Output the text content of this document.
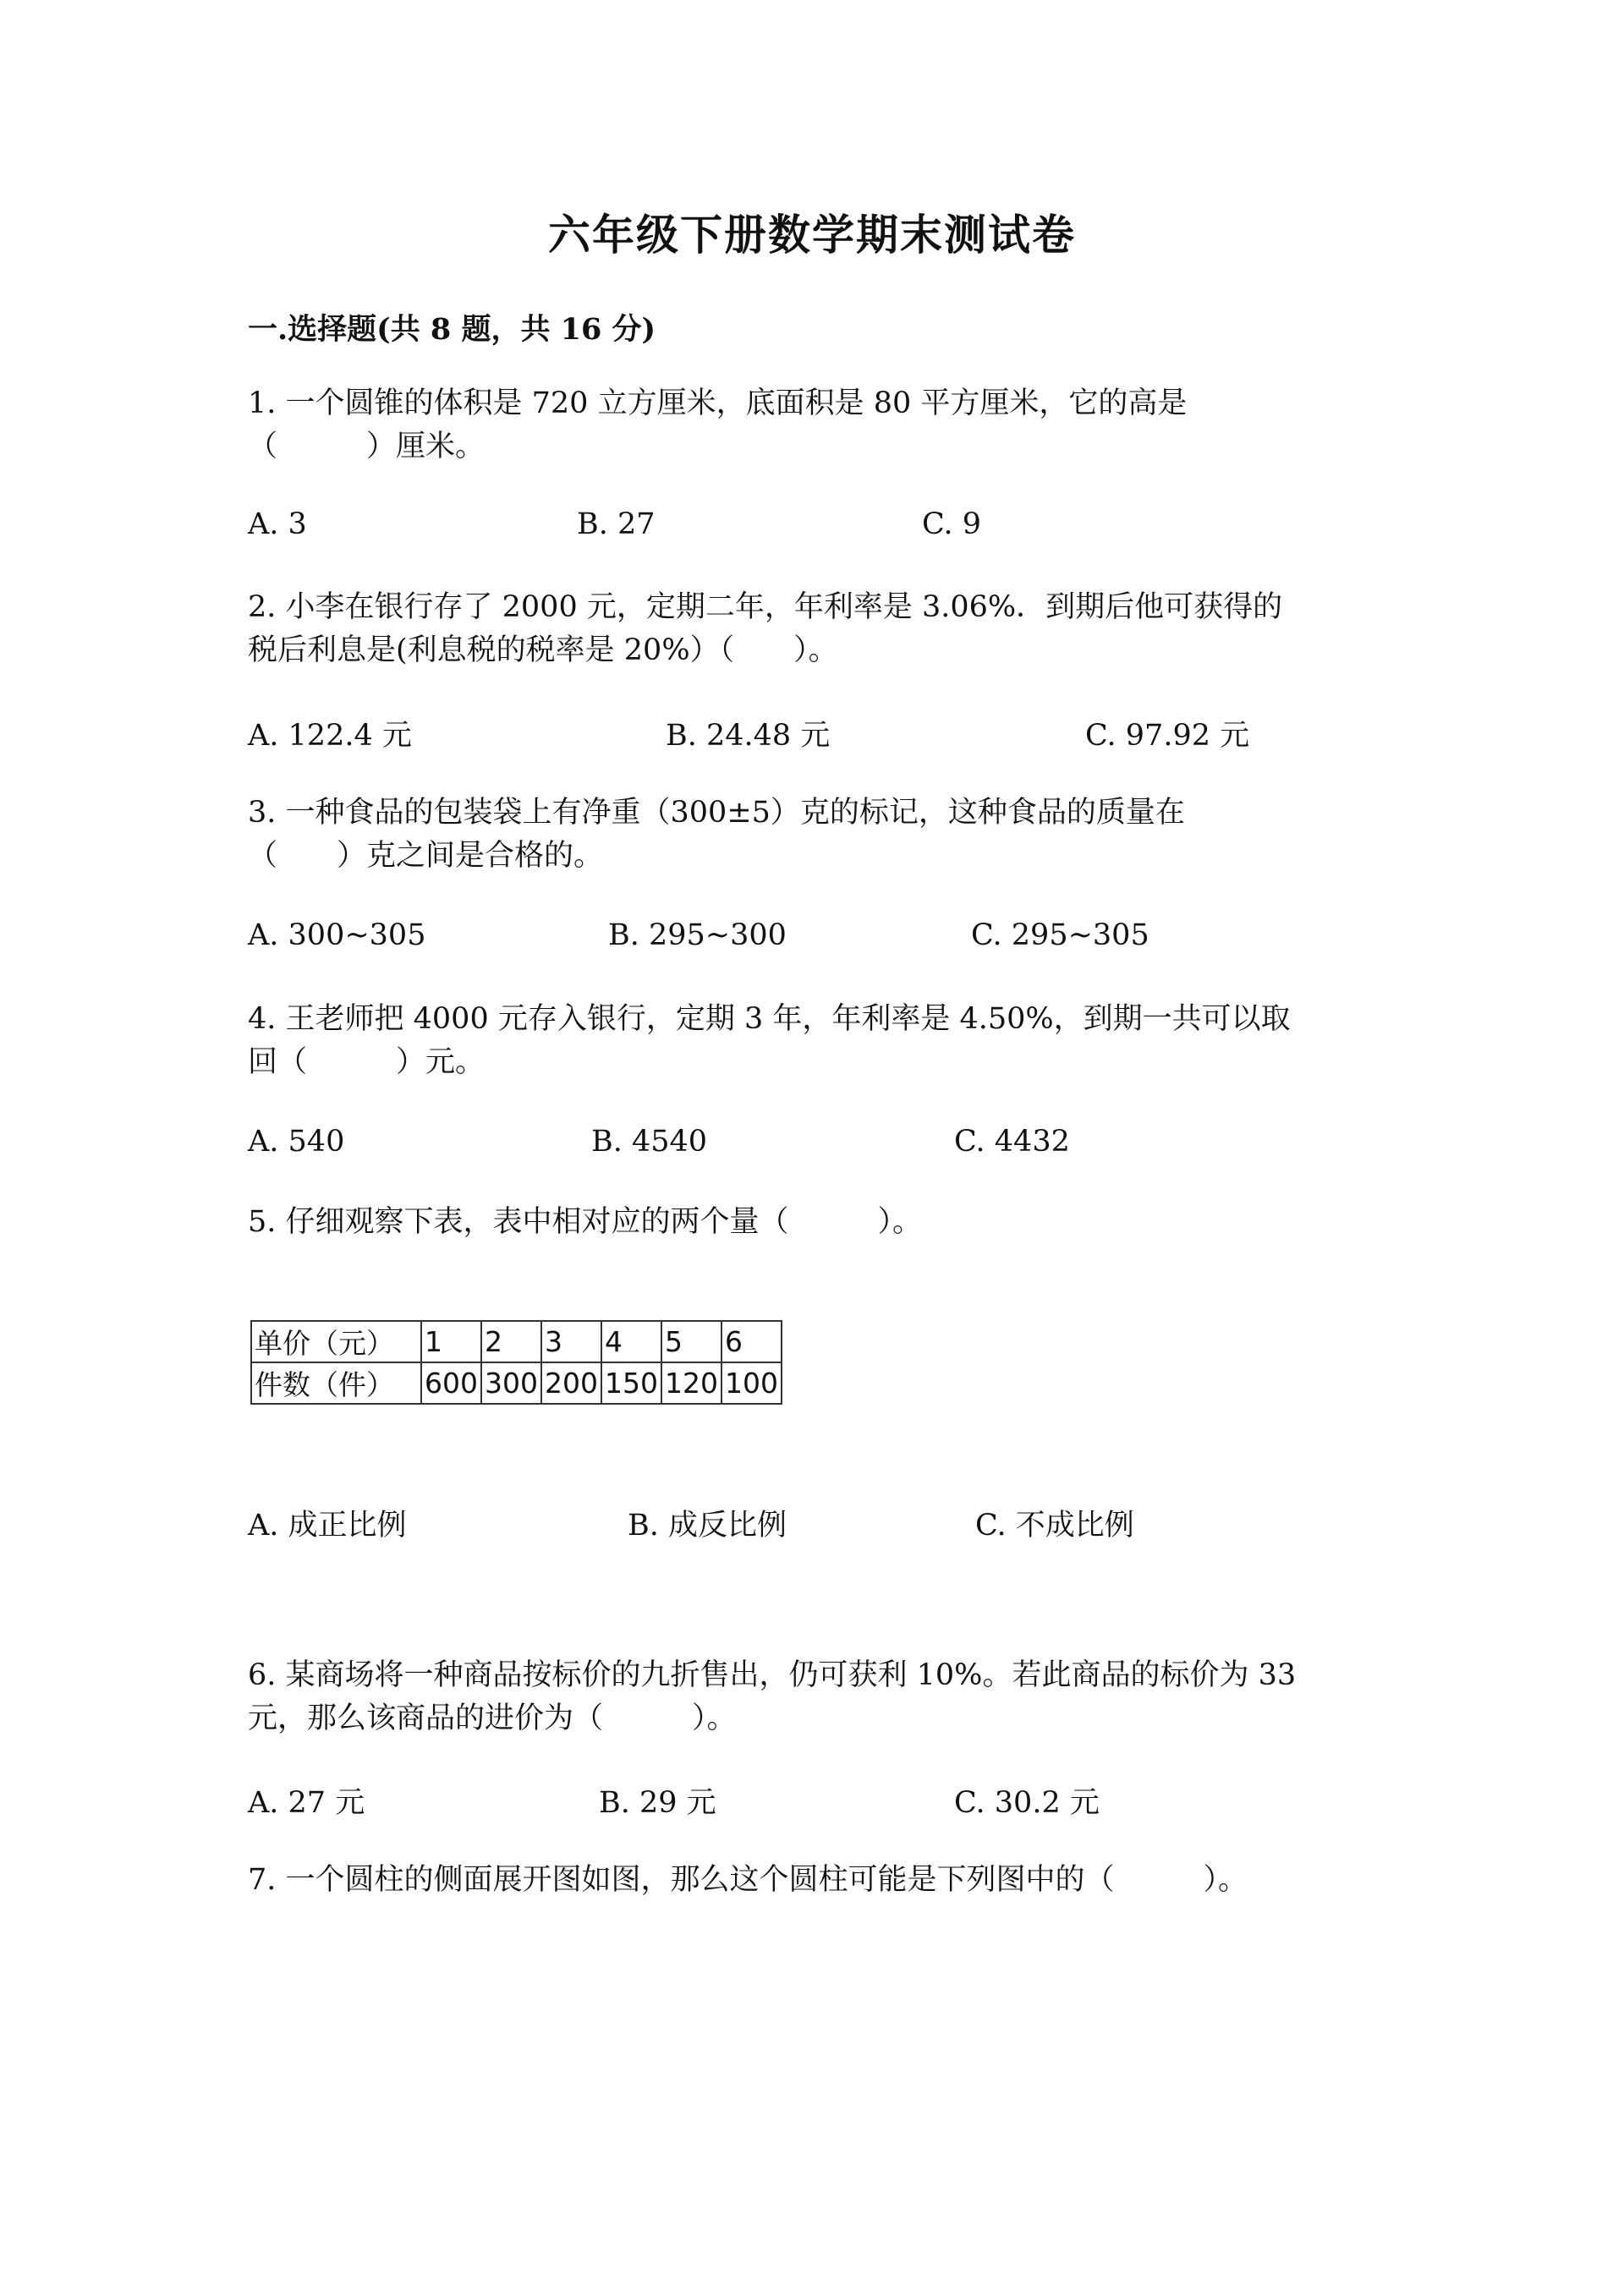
六年级下册数学期末测试卷
一.选择题(共 8 题，共 16 分)
1. 一个圆锥的体积是 720 立方厘米，底面积是 80 平方厘米，它的高是
（　　　）厘米。
A. 3	B. 27	C. 9
2. 小李在银行存了 2000 元，定期二年，年利率是 3.06%．到期后他可获得的
税后利息是(利息税的税率是 20%）（　　）。
A. 122.4 元	B. 24.48 元	C. 97.92 元
3. 一种食品的包装袋上有净重（300±5）克的标记，这种食品的质量在
（　　）克之间是合格的。
A. 300~305	B. 295~300	C. 295~305
4. 王老师把 4000 元存入银行，定期 3 年，年利率是 4.50%，到期一共可以取
回（　　　）元。
A. 540	B. 4540	C. 4432
5. 仔细观察下表，表中相对应的两个量（　　　）。
单价（元）	1	2	3	4	5	6
件数（件）	600	300	200	150	120	100
A. 成正比例	B. 成反比例	C. 不成比例
6. 某商场将一种商品按标价的九折售出，仍可获利 10%。若此商品的标价为 33
元，那么该商品的进价为（　　　）。
A. 27 元	B. 29 元	C. 30.2 元
7. 一个圆柱的侧面展开图如图，那么这个圆柱可能是下列图中的（　　　）。
